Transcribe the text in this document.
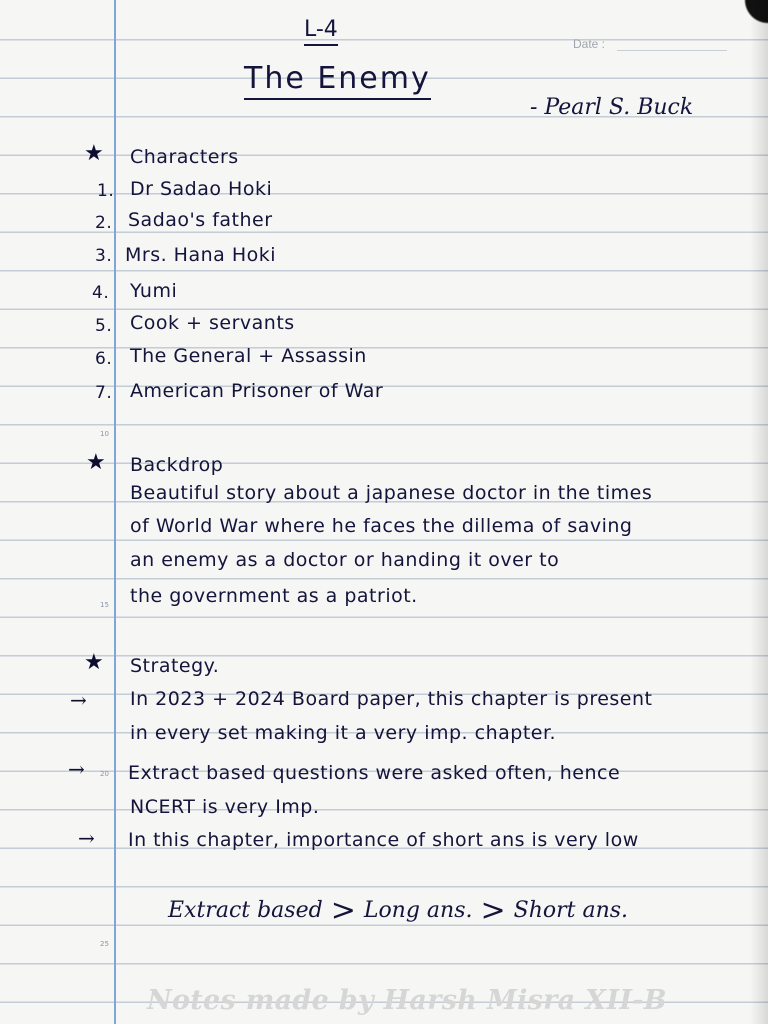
Date :
L-4
The Enemy
- Pearl S. Buck
★ Characters

1. Dr Sadao Hoki

2. Sadao's father

3. Mrs. Hana Hoki

4. Yumi

5. Cook + servants

6. The General + Assassin

7. American Prisoner of War

10
★ Backdrop

Beautiful story about a japanese doctor in the times

of World War where he faces the dillema of saving

an enemy as a doctor or handing it over to

the government as a patriot.

15
★ Strategy.

→ In 2023 + 2024 Board paper, this chapter is present

in every set making it a very imp. chapter.

→ 20 Extract based questions were asked often, hence

NCERT is very Imp.

→ In this chapter, importance of short ans is very low

Extract based > Long ans. > Short ans.
25
Notes made by Harsh Misra XII-B
